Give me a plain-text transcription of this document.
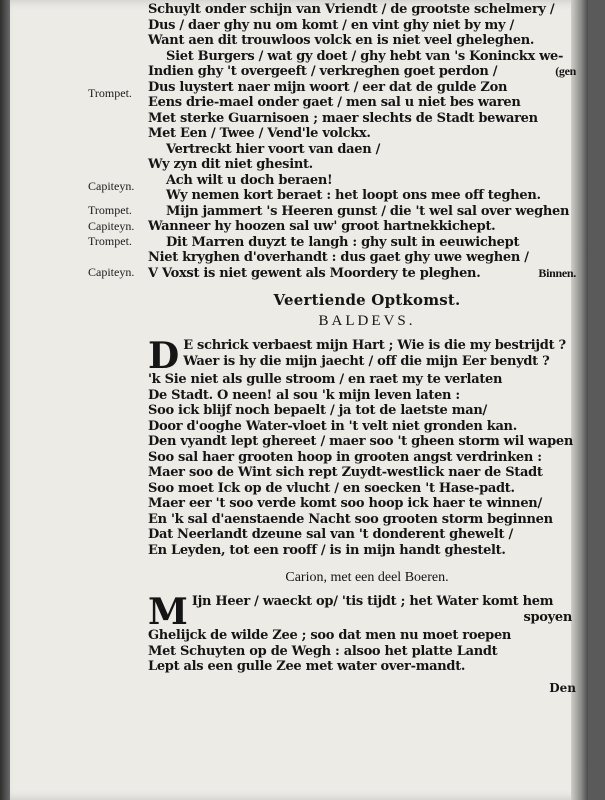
Trompet.
Capiteyn.
Trompet.
Capiteyn.
Trompet.
Capiteyn.
Schuylt onder schijn van Vriendt / de grootste schelmery /
Dus / daer ghy nu om komt / en vint ghy niet by my /
Want aen dit trouwloos volck en is niet veel gheleghen.
Siet Burgers / wat gy doet / ghy hebt van 's Koninckx we-
Indien ghy 't overgeeft / verkreghen goet perdon /	(gen
Dus luystert naer mijn woort / eer dat de gulde Zon
Eens drie-mael onder gaet / men sal u niet bes waren
Met sterke Guarnisoen ; maer slechts de Stadt bewaren
Met Een / Twee / Vend'le volckx.
Vertreckt hier voort van daen /
Wy zyn dit niet ghesint.
Ach wilt u doch beraen!
Wy nemen kort beraet : het loopt ons mee off teghen.
Mijn jammert 's Heeren gunst / die 't wel sal over weghen
Wanneer hy hoozen sal uw' groot hartnekkichept.
Dit Marren duyzt te langh : ghy sult in eeuwichept
Niet kryghen d'overhandt : dus gaet ghy uwe weghen /
V Voxst is niet gewent als Moordery te pleghen.	Binnen.
Veertiende Optkomst.
BALDEVS.
D E schrick verbaest mijn Hart ; Wie is die my bestrijdt ?
Waer is hy die mijn jaecht / off die mijn Eer benydt ?
'k Sie niet als gulle stroom / en raet my te verlaten
De Stadt. O neen! al sou 'k mijn leven laten :
Soo ick blijf noch bepaelt / ja tot de laetste man/
Door d'ooghe Water-vloet in 't velt niet gronden kan.
Den vyandt lept ghereet / maer soo 't gheen storm wil wapen
Soo sal haer grooten hoop in grooten angst verdrinken :
Maer soo de Wint sich rept Zuydt-westlick naer de Stadt
Soo moet Ick op de vlucht / en soecken 't Hase-padt.
Maer eer 't soo verde komt soo hoop ick haer te winnen/
En 'k sal d'aenstaende Nacht soo grooten storm beginnen
Dat Neerlandt dzeune sal van 't donderent ghewelt /
En Leyden, tot een rooff / is in mijn handt ghestelt.
Carion, met een deel Boeren.
M Ijn Heer / waeckt op/ 'tis tijdt ; het Water komt hem
spoyen
Ghelijck de wilde Zee ; soo dat men nu moet roepen
Met Schuyten op de Wegh : alsoo het platte Landt
Lept als een gulle Zee met water over-mandt.
Den
